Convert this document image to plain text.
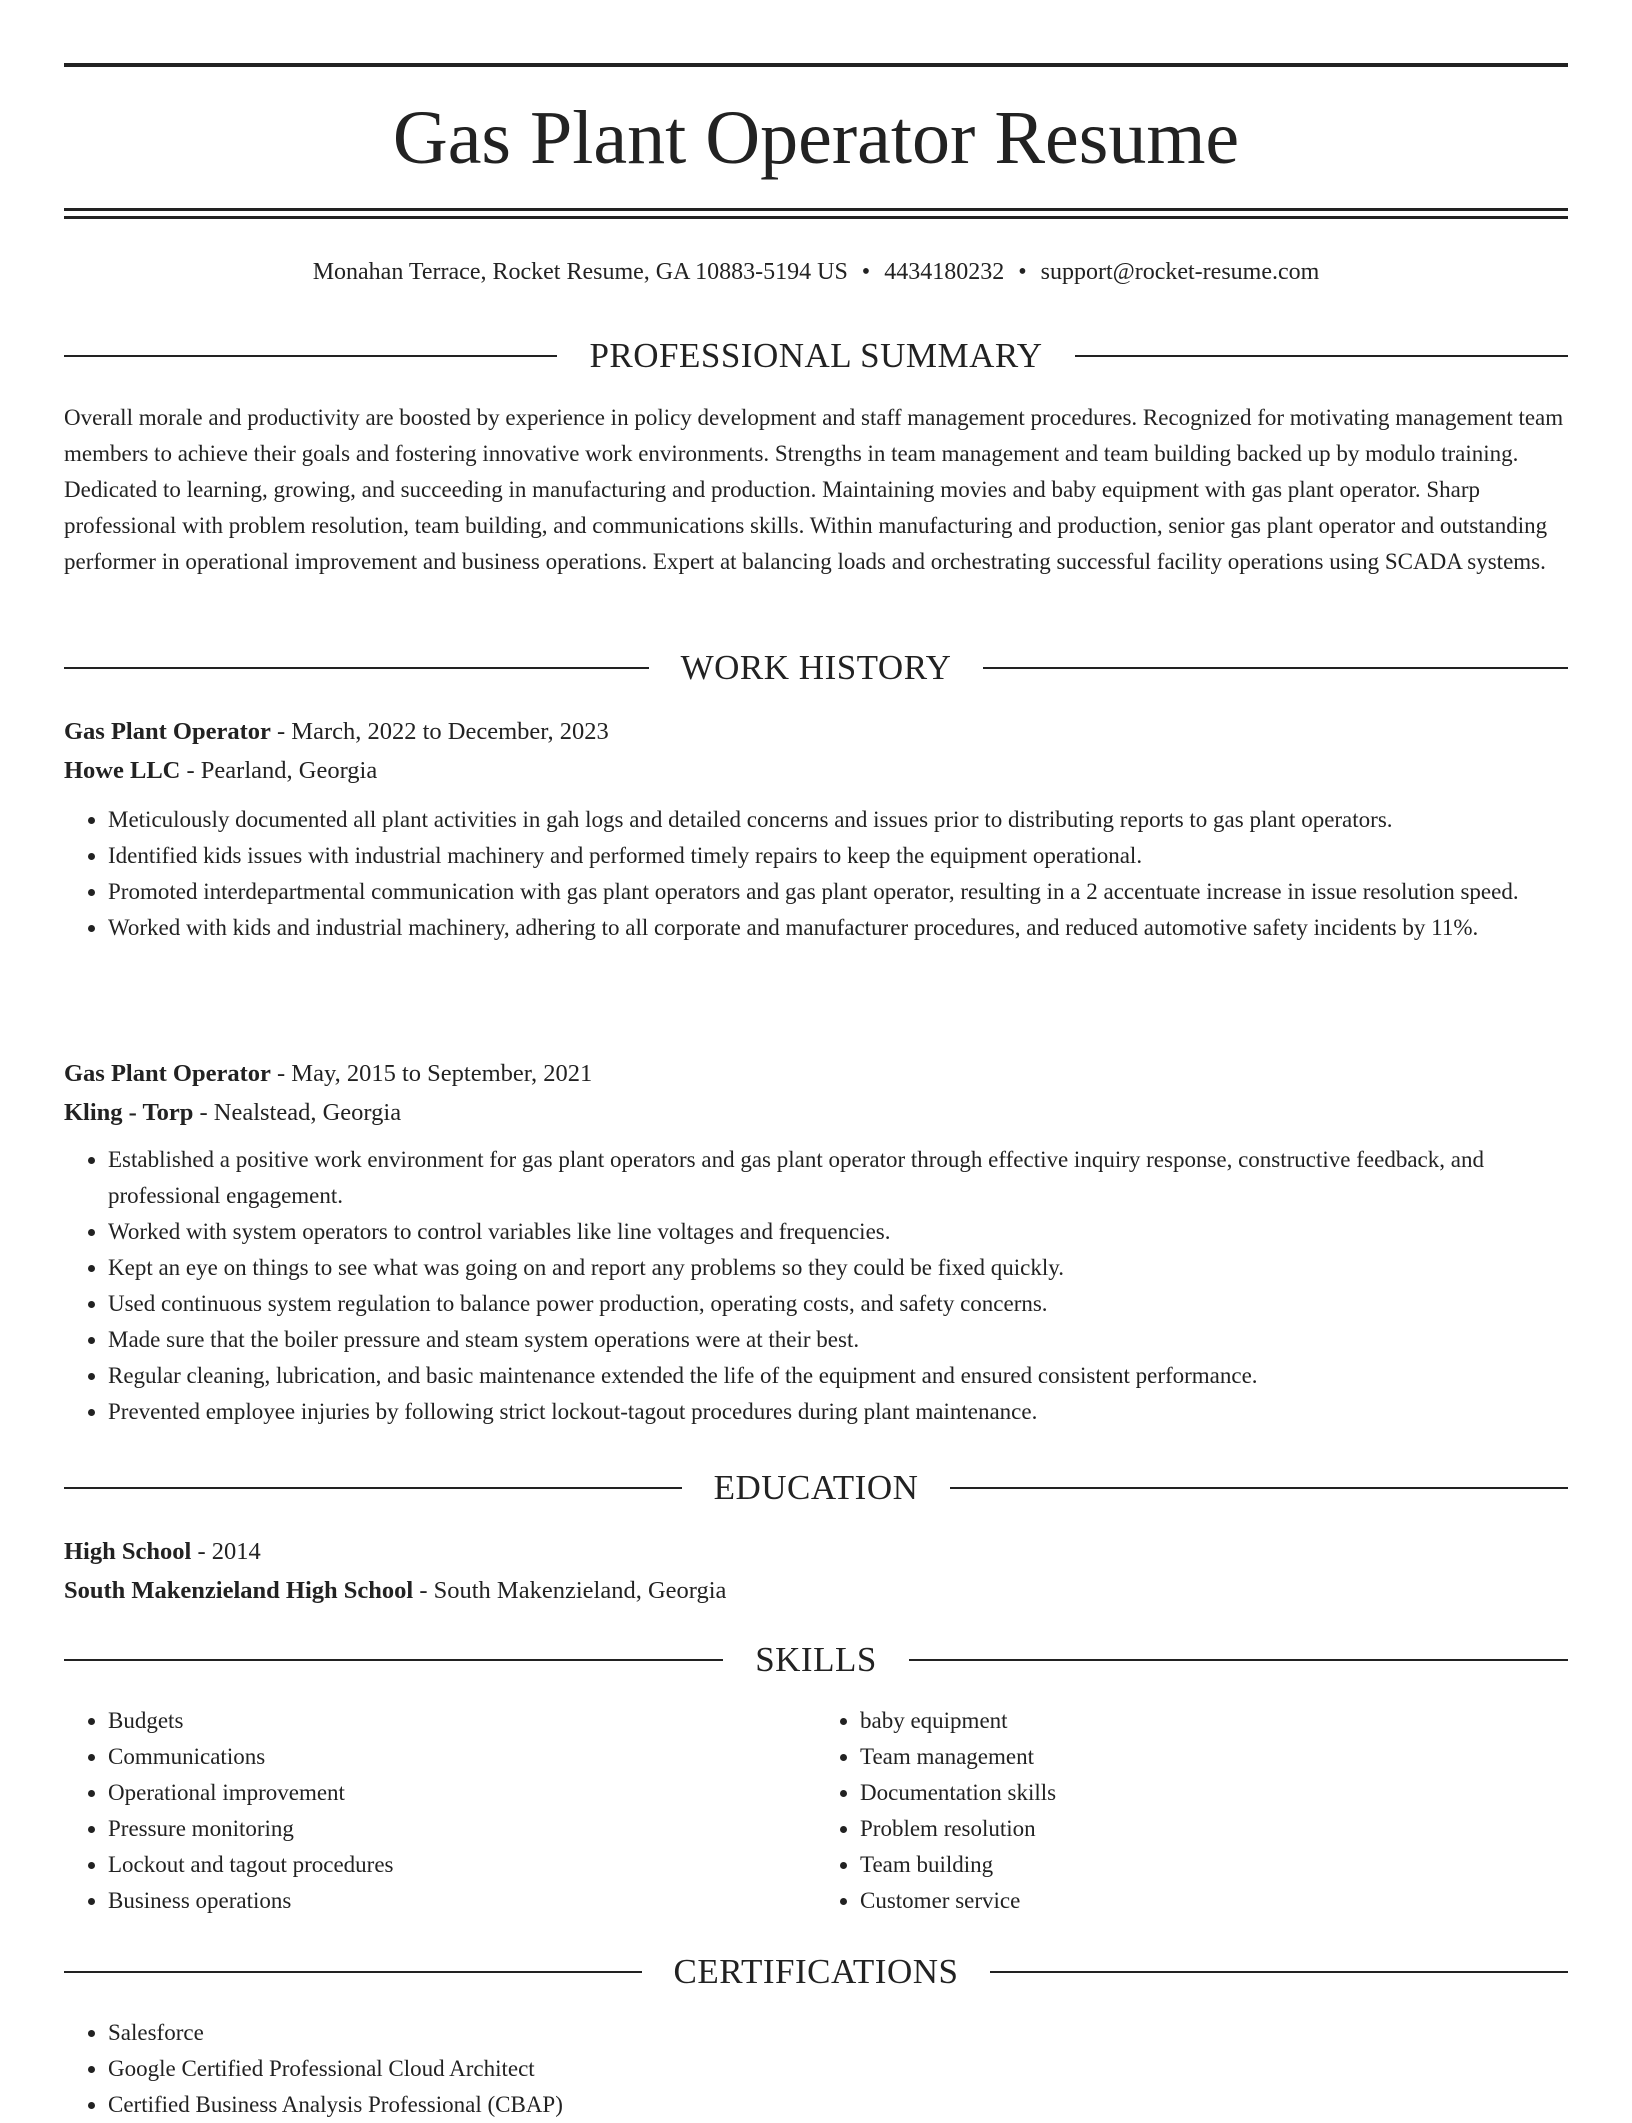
Gas Plant Operator Resume
Monahan Terrace, Rocket Resume, GA 10883-5194 US • 4434180232 • support@rocket-resume.com
PROFESSIONAL SUMMARY
Overall morale and productivity are boosted by experience in policy development and staff management procedures. Recognized for motivating management team members to achieve their goals and fostering innovative work environments. Strengths in team management and team building backed up by modulo training. Dedicated to learning, growing, and succeeding in manufacturing and production. Maintaining movies and baby equipment with gas plant operator. Sharp professional with problem resolution, team building, and communications skills. Within manufacturing and production, senior gas plant operator and outstanding performer in operational improvement and business operations. Expert at balancing loads and orchestrating successful facility operations using SCADA systems.
WORK HISTORY
Gas Plant Operator - March, 2022 to December, 2023
Howe LLC - Pearland, Georgia
• Meticulously documented all plant activities in gah logs and detailed concerns and issues prior to distributing reports to gas plant operators.
• Identified kids issues with industrial machinery and performed timely repairs to keep the equipment operational.
• Promoted interdepartmental communication with gas plant operators and gas plant operator, resulting in a 2 accentuate increase in issue resolution speed.
• Worked with kids and industrial machinery, adhering to all corporate and manufacturer procedures, and reduced automotive safety incidents by 11%.
Gas Plant Operator - May, 2015 to September, 2021
Kling - Torp - Nealstead, Georgia
• Established a positive work environment for gas plant operators and gas plant operator through effective inquiry response, constructive feedback, and professional engagement.
• Worked with system operators to control variables like line voltages and frequencies.
• Kept an eye on things to see what was going on and report any problems so they could be fixed quickly.
• Used continuous system regulation to balance power production, operating costs, and safety concerns.
• Made sure that the boiler pressure and steam system operations were at their best.
• Regular cleaning, lubrication, and basic maintenance extended the life of the equipment and ensured consistent performance.
• Prevented employee injuries by following strict lockout-tagout procedures during plant maintenance.
EDUCATION
High School - 2014
South Makenzieland High School - South Makenzieland, Georgia
SKILLS
• Budgets
• Communications
• Operational improvement
• Pressure monitoring
• Lockout and tagout procedures
• Business operations
• baby equipment
• Team management
• Documentation skills
• Problem resolution
• Team building
• Customer service
CERTIFICATIONS
• Salesforce
• Google Certified Professional Cloud Architect
• Certified Business Analysis Professional (CBAP)
